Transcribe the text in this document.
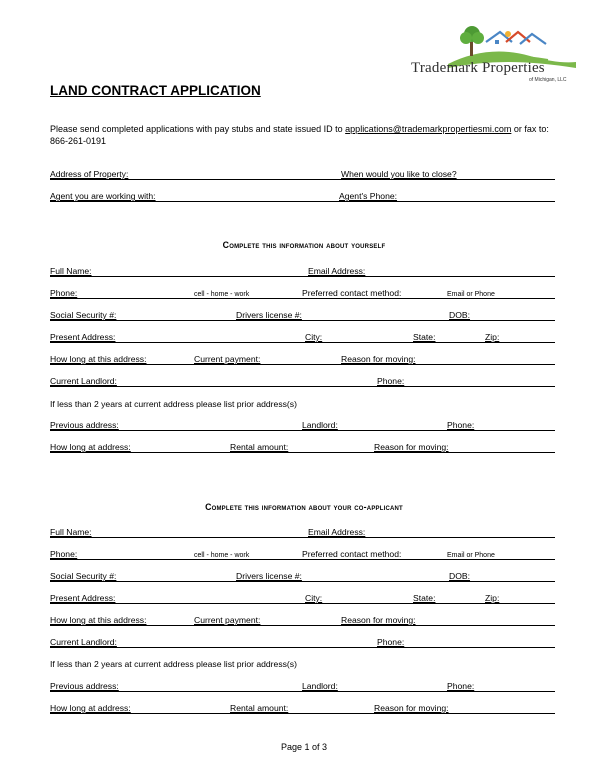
Trademark Properties
of Michigan, LLC
LAND CONTRACT APPLICATION
Please send completed applications with pay stubs and state issued ID to applications@trademarkpropertiesmi.com or fax to: 866-261-0191
Address of Property:	When would you like to close?
Agent you are working with:	Agent's Phone:
Complete this information about yourself
Full Name:	Email Address:
Phone:	cell - home - work	Preferred contact method:	Email or Phone
Social Security #:	Drivers license #:	DOB:
Present Address:	City:	State:	Zip:
How long at this address:	Current payment:	Reason for moving:
Current Landlord:	Phone:
If less than 2 years at current address please list prior address(s)
Previous address:	Landlord:	Phone:
How long at address:	Rental amount:	Reason for moving:
Complete this information about your co-applicant
Full Name:	Email Address:
Phone:	cell - home - work	Preferred contact method:	Email or Phone
Social Security #:	Drivers license #:	DOB:
Present Address:	City:	State:	Zip:
How long at this address:	Current payment:	Reason for moving:
Current Landlord:	Phone:
If less than 2 years at current address please list prior address(s)
Previous address:	Landlord:	Phone:
How long at address:	Rental amount:	Reason for moving:
Page 1 of 3
